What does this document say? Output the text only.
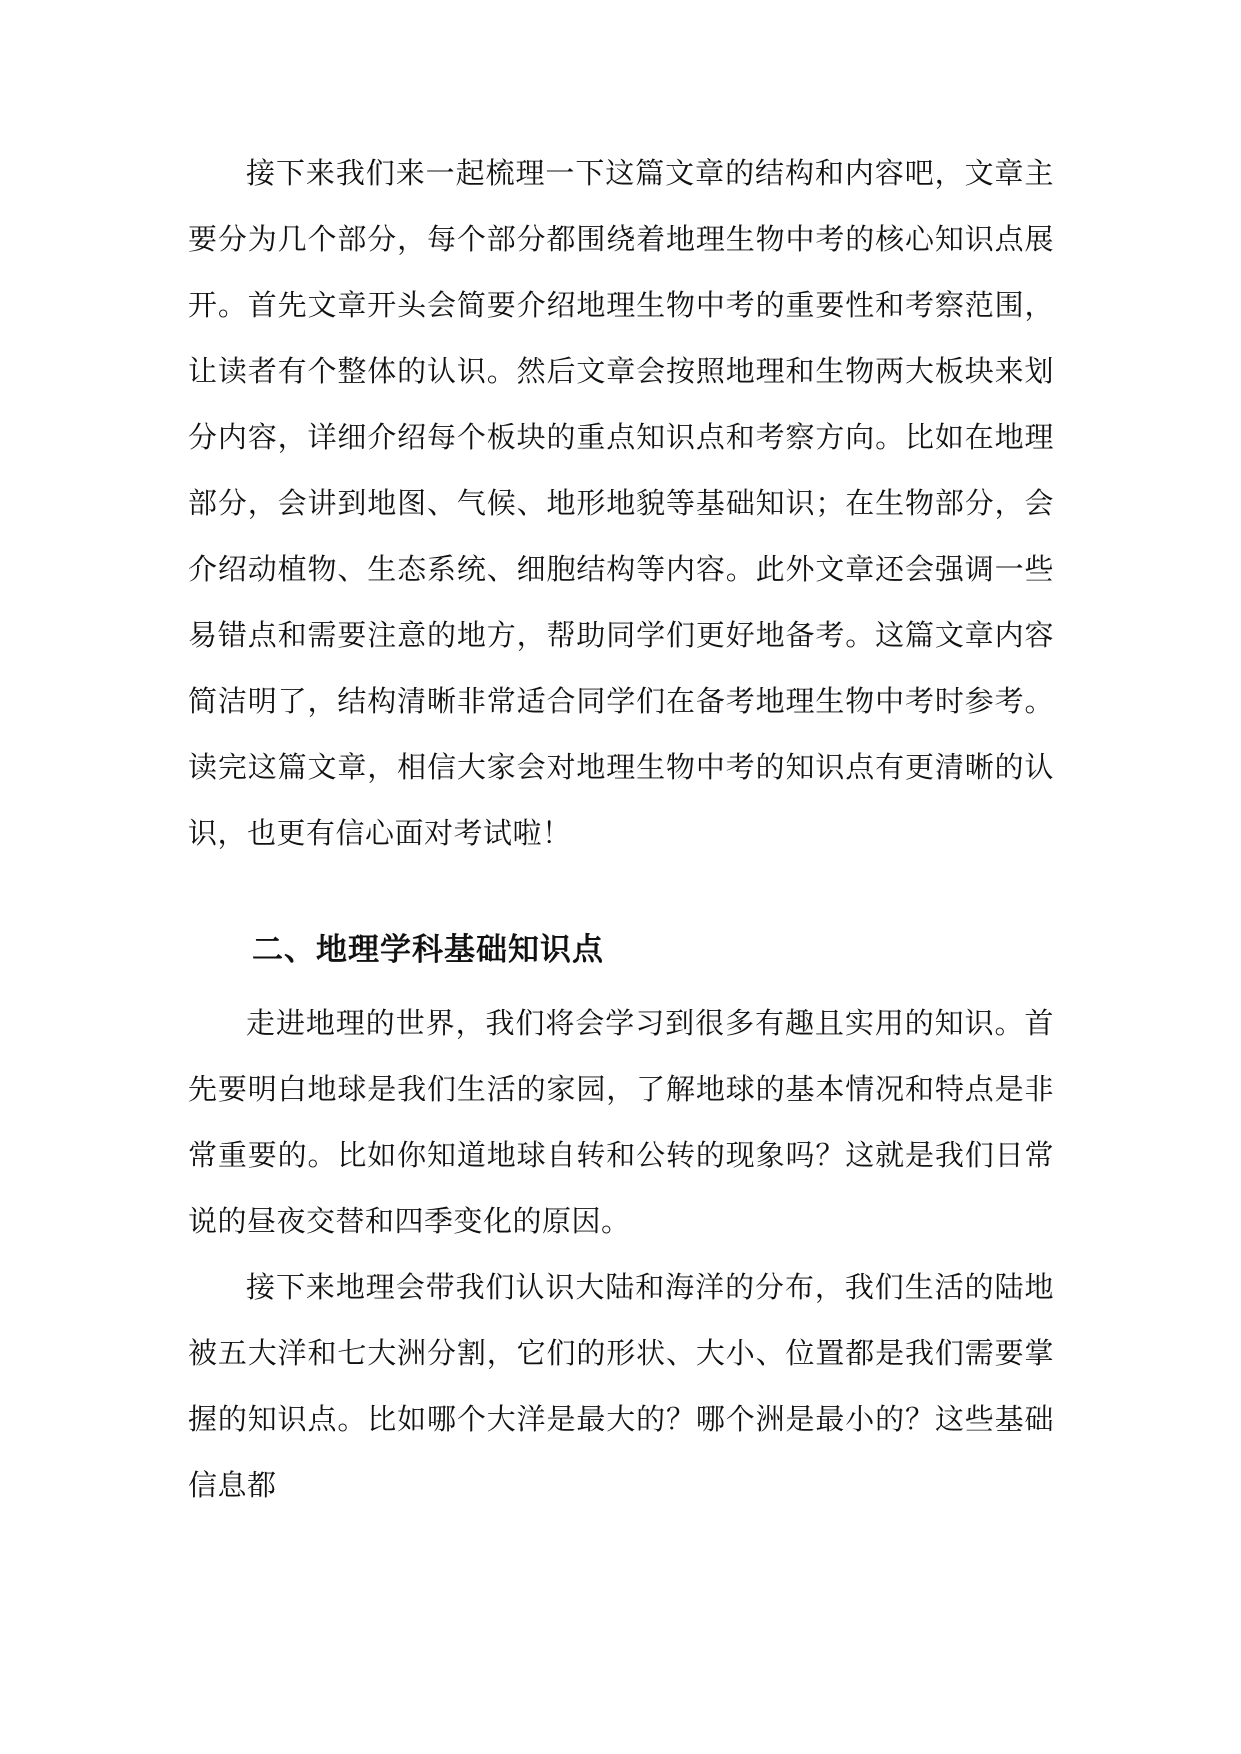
接下来我们来一起梳理一下这篇文章的结构和内容吧，文章主要分为几个部分，每个部分都围绕着地理生物中考的核心知识点展开。首先文章开头会简要介绍地理生物中考的重要性和考察范围，让读者有个整体的认识。然后文章会按照地理和生物两大板块来划分内容，详细介绍每个板块的重点知识点和考察方向。比如在地理部分，会讲到地图、气候、地形地貌等基础知识；在生物部分，会介绍动植物、生态系统、细胞结构等内容。此外文章还会强调一些易错点和需要注意的地方，帮助同学们更好地备考。这篇文章内容简洁明了，结构清晰非常适合同学们在备考地理生物中考时参考。读完这篇文章，相信大家会对地理生物中考的知识点有更清晰的认识，也更有信心面对考试啦！

二、地理学科基础知识点

走进地理的世界，我们将会学习到很多有趣且实用的知识。首先要明白地球是我们生活的家园，了解地球的基本情况和特点是非常重要的。比如你知道地球自转和公转的现象吗？这就是我们日常说的昼夜交替和四季变化的原因。

接下来地理会带我们认识大陆和海洋的分布，我们生活的陆地被五大洋和七大洲分割，它们的形状、大小、位置都是我们需要掌握的知识点。比如哪个大洋是最大的？哪个洲是最小的？这些基础信息都
